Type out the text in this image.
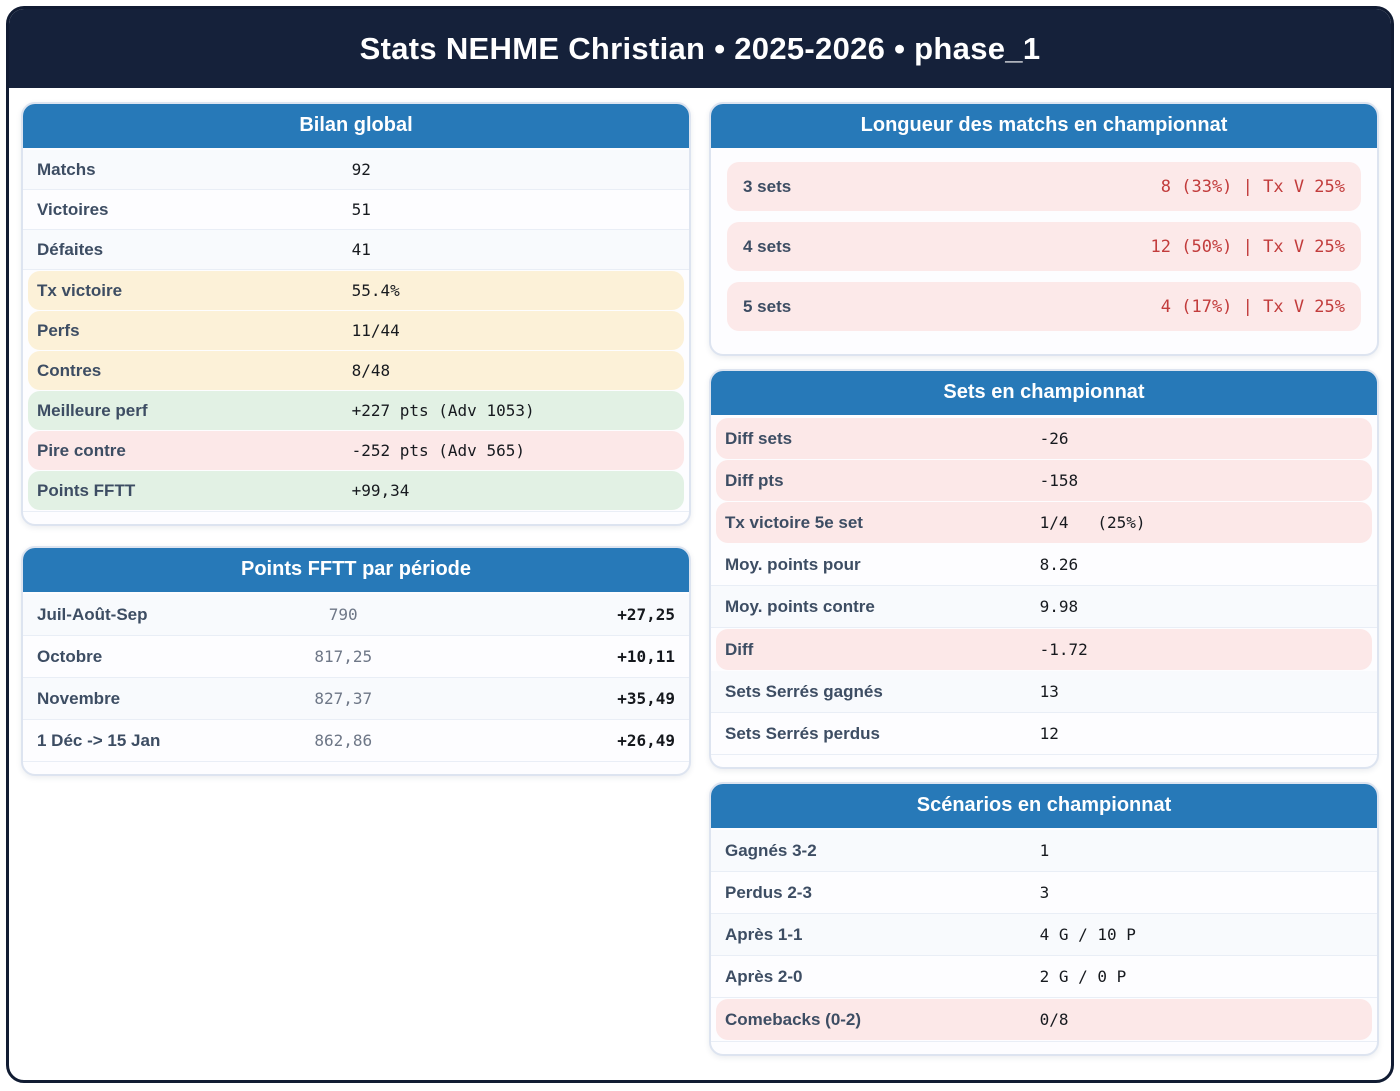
Stats NEHME Christian • 2025-2026 • phase_1
Bilan global
Matchs	92
Victoires	51
Défaites	41
Tx victoire	55.4%
Perfs	11/44
Contres	8/48
Meilleure perf	+227 pts (Adv 1053)
Pire contre	-252 pts (Adv 565)
Points FFTT	+99,34
Points FFTT par période
Juil-Août-Sep	790	+27,25
Octobre	817,25	+10,11
Novembre	827,37	+35,49
1 Déc -> 15 Jan	862,86	+26,49
Longueur des matchs en championnat
3 sets	8 (33%) | Tx V 25%
4 sets	12 (50%) | Tx V 25%
5 sets	4 (17%) | Tx V 25%
Sets en championnat
Diff sets	-26
Diff pts	-158
Tx victoire 5e set	1/4   (25%)
Moy. points pour	8.26
Moy. points contre	9.98
Diff	-1.72
Sets Serrés gagnés	13
Sets Serrés perdus	12
Scénarios en championnat
Gagnés 3-2	1
Perdus 2-3	3
Après 1-1	4 G / 10 P
Après 2-0	2 G / 0 P
Comebacks (0-2)	0/8
